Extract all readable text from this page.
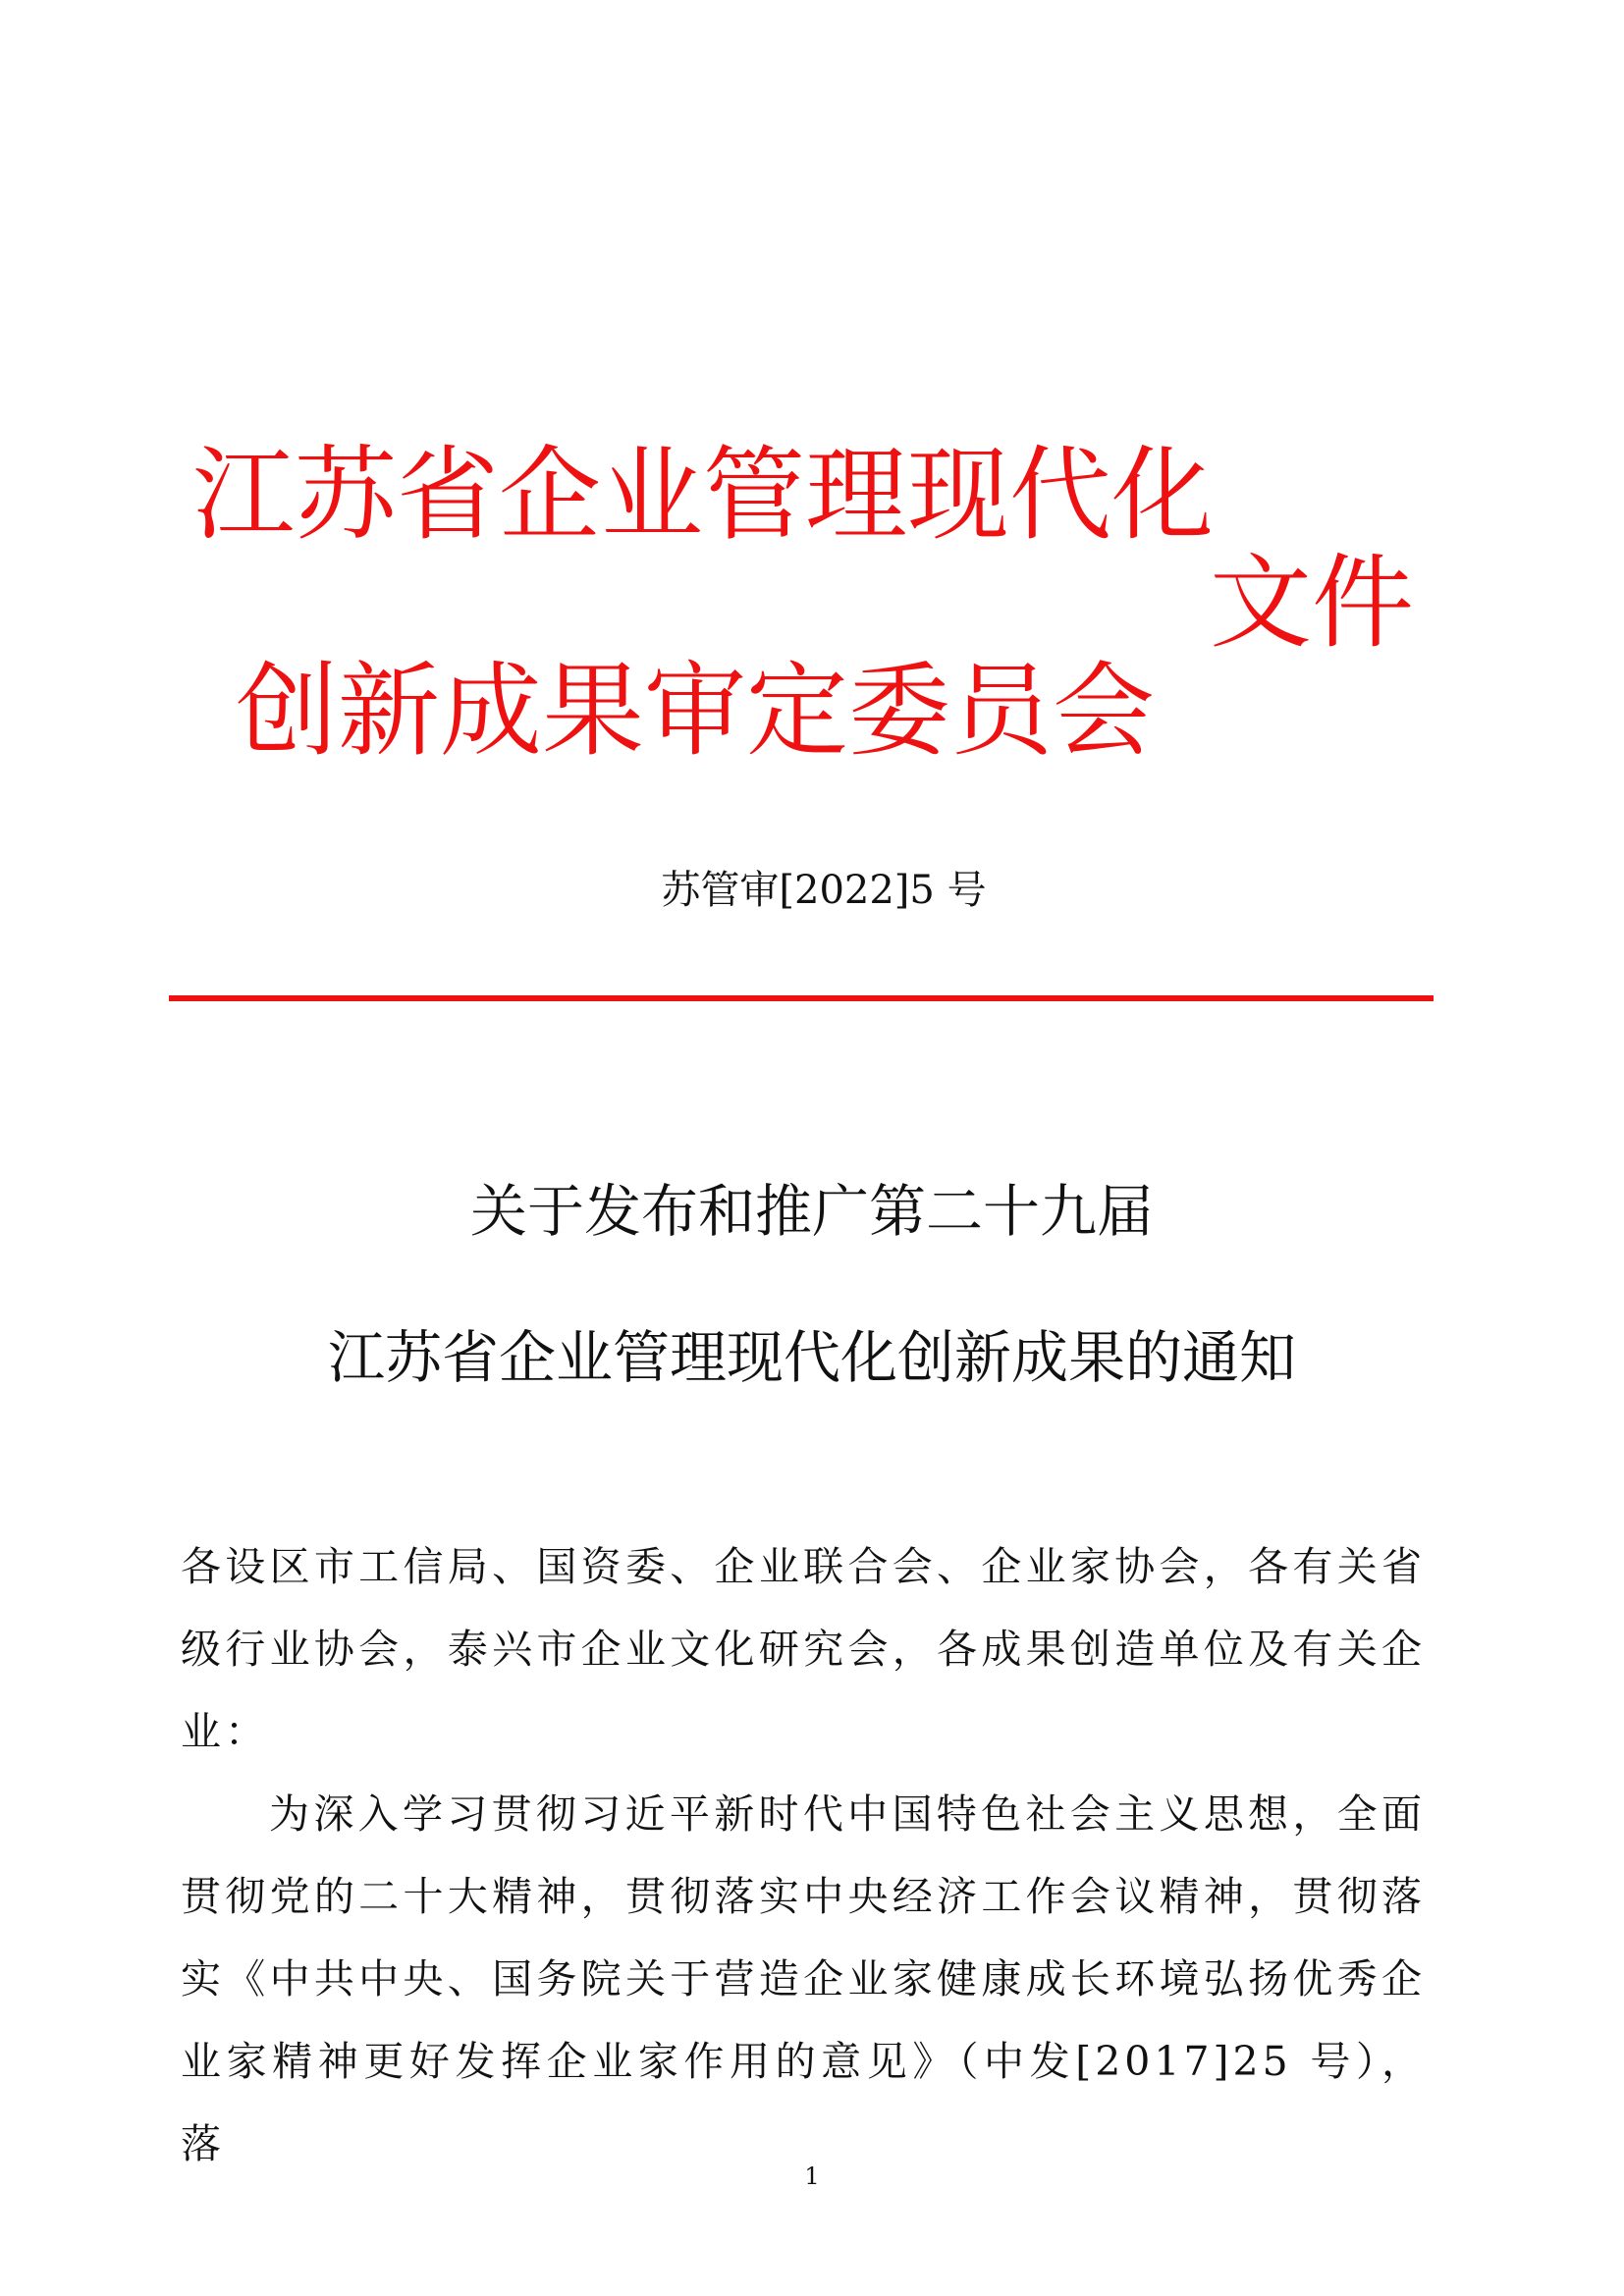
江苏省企业管理现代化
创新成果审定委员会
文件
苏管审[2022]5 号
关于发布和推广第二十九届
江苏省企业管理现代化创新成果的通知
各设区市工信局、国资委、企业联合会、企业家协会，各有关省级行业协会，泰兴市企业文化研究会，各成果创造单位及有关企业：
为深入学习贯彻习近平新时代中国特色社会主义思想，全面贯彻党的二十大精神，贯彻落实中央经济工作会议精神，贯彻落实《中共中央、国务院关于营造企业家健康成长环境弘扬优秀企业家精神更好发挥企业家作用的意见》（中发[2017]25 号），落
1
